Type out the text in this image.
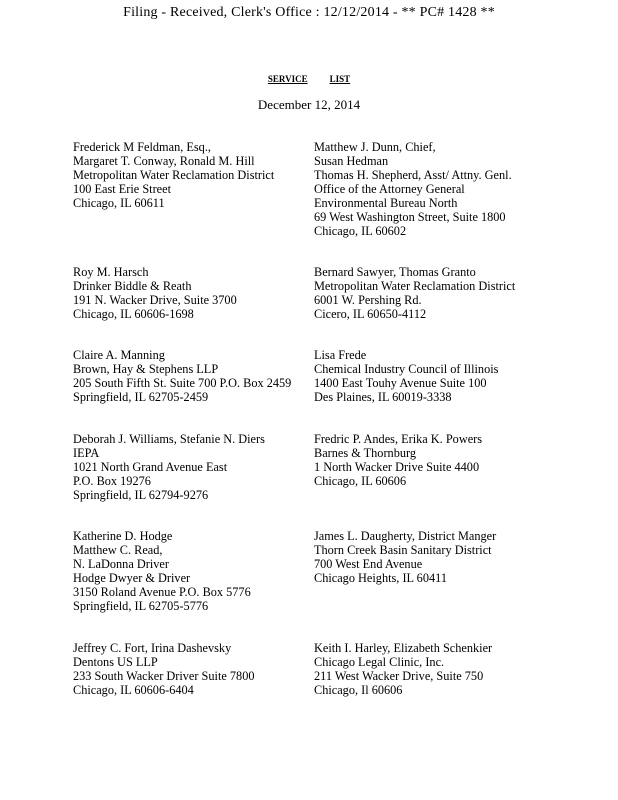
Filing - Received, Clerk's Office : 12/12/2014 - ** PC# 1428 **
SERVICE LIST
December 12, 2014
Frederick M Feldman, Esq.,
Margaret T. Conway, Ronald M. Hill
Metropolitan Water Reclamation District
100 East Erie Street
Chicago, IL 60611
Matthew J. Dunn, Chief,
Susan Hedman
Thomas H. Shepherd, Asst/ Attny. Genl.
Office of the Attorney General
Environmental Bureau North
69 West Washington Street, Suite 1800
Chicago, IL 60602
Roy M. Harsch
Drinker Biddle & Reath
191 N. Wacker Drive, Suite 3700
Chicago, IL 60606-1698
Bernard Sawyer, Thomas Granto
Metropolitan Water Reclamation District
6001 W. Pershing Rd.
Cicero, IL 60650-4112
Claire A. Manning
Brown, Hay & Stephens LLP
205 South Fifth St. Suite 700 P.O. Box 2459
Springfield, IL 62705-2459
Lisa Frede
Chemical Industry Council of Illinois
1400 East Touhy Avenue Suite 100
Des Plaines, IL 60019-3338
Deborah J. Williams, Stefanie N. Diers
IEPA
1021 North Grand Avenue East
P.O. Box 19276
Springfield, IL 62794-9276
Fredric P. Andes, Erika K. Powers
Barnes & Thornburg
1 North Wacker Drive Suite 4400
Chicago, IL 60606
Katherine D. Hodge
Matthew C. Read,
N. LaDonna Driver
Hodge Dwyer & Driver
3150 Roland Avenue P.O. Box 5776
Springfield, IL 62705-5776
James L. Daugherty, District Manger
Thorn Creek Basin Sanitary District
700 West End Avenue
Chicago Heights, IL 60411
Jeffrey C. Fort, Irina Dashevsky
Dentons US LLP
233 South Wacker Driver Suite 7800
Chicago, IL 60606-6404
Keith I. Harley, Elizabeth Schenkier
Chicago Legal Clinic, Inc.
211 West Wacker Drive, Suite 750
Chicago, Il 60606
